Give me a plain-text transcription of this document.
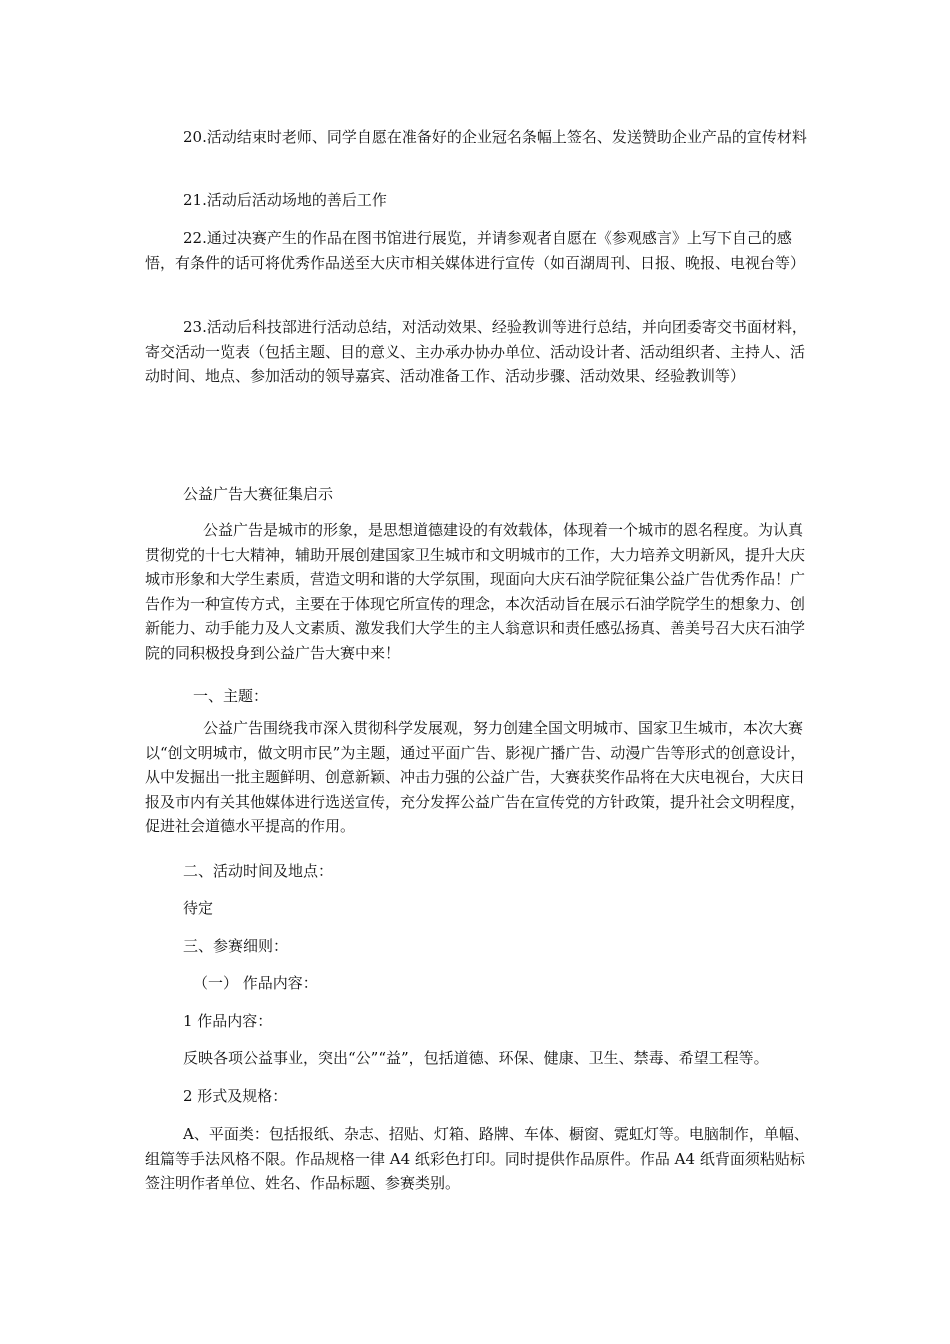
20.活动结束时老师、同学自愿在准备好的企业冠名条幅上签名、发送赞助企业产品的宣传材料

21.活动后活动场地的善后工作

22.通过决赛产生的作品在图书馆进行展览，并请参观者自愿在《参观感言》上写下自己的感悟，有条件的话可将优秀作品送至大庆市相关媒体进行宣传（如百湖周刊、日报、晚报、电视台等）

23.活动后科技部进行活动总结，对活动效果、经验教训等进行总结，并向团委寄交书面材料，寄交活动一览表（包括主题、目的意义、主办承办协办单位、活动设计者、活动组织者、主持人、活动时间、地点、参加活动的领导嘉宾、活动准备工作、活动步骤、活动效果、经验教训等）

公益广告大赛征集启示

公益广告是城市的形象，是思想道德建设的有效载体，体现着一个城市的恩名程度。为认真贯彻党的十七大精神，辅助开展创建国家卫生城市和文明城市的工作，大力培养文明新风，提升大庆城市形象和大学生素质，营造文明和谐的大学氛围，现面向大庆石油学院征集公益广告优秀作品！广告作为一种宣传方式，主要在于体现它所宣传的理念，本次活动旨在展示石油学院学生的想象力、创新能力、动手能力及人文素质、激发我们大学生的主人翁意识和责任感弘扬真、善美号召大庆石油学院的同积极投身到公益广告大赛中来！

一、主题：

公益广告围绕我市深入贯彻科学发展观，努力创建全国文明城市、国家卫生城市，本次大赛以“创文明城市，做文明市民”为主题，通过平面广告、影视广播广告、动漫广告等形式的创意设计，从中发掘出一批主题鲜明、创意新颖、冲击力强的公益广告，大赛获奖作品将在大庆电视台，大庆日报及市内有关其他媒体进行选送宣传，充分发挥公益广告在宣传党的方针政策，提升社会文明程度，促进社会道德水平提高的作用。

二、活动时间及地点：

待定

三、参赛细则：

（一） 作品内容：

1 作品内容：

反映各项公益事业，突出“公”“益”，包括道德、环保、健康、卫生、禁毒、希望工程等。

2 形式及规格：

A、平面类：包括报纸、杂志、招贴、灯箱、路牌、车体、橱窗、霓虹灯等。电脑制作，单幅、组篇等手法风格不限。作品规格一律 A4 纸彩色打印。同时提供作品原件。作品 A4 纸背面须粘贴标签注明作者单位、姓名、作品标题、参赛类别。
